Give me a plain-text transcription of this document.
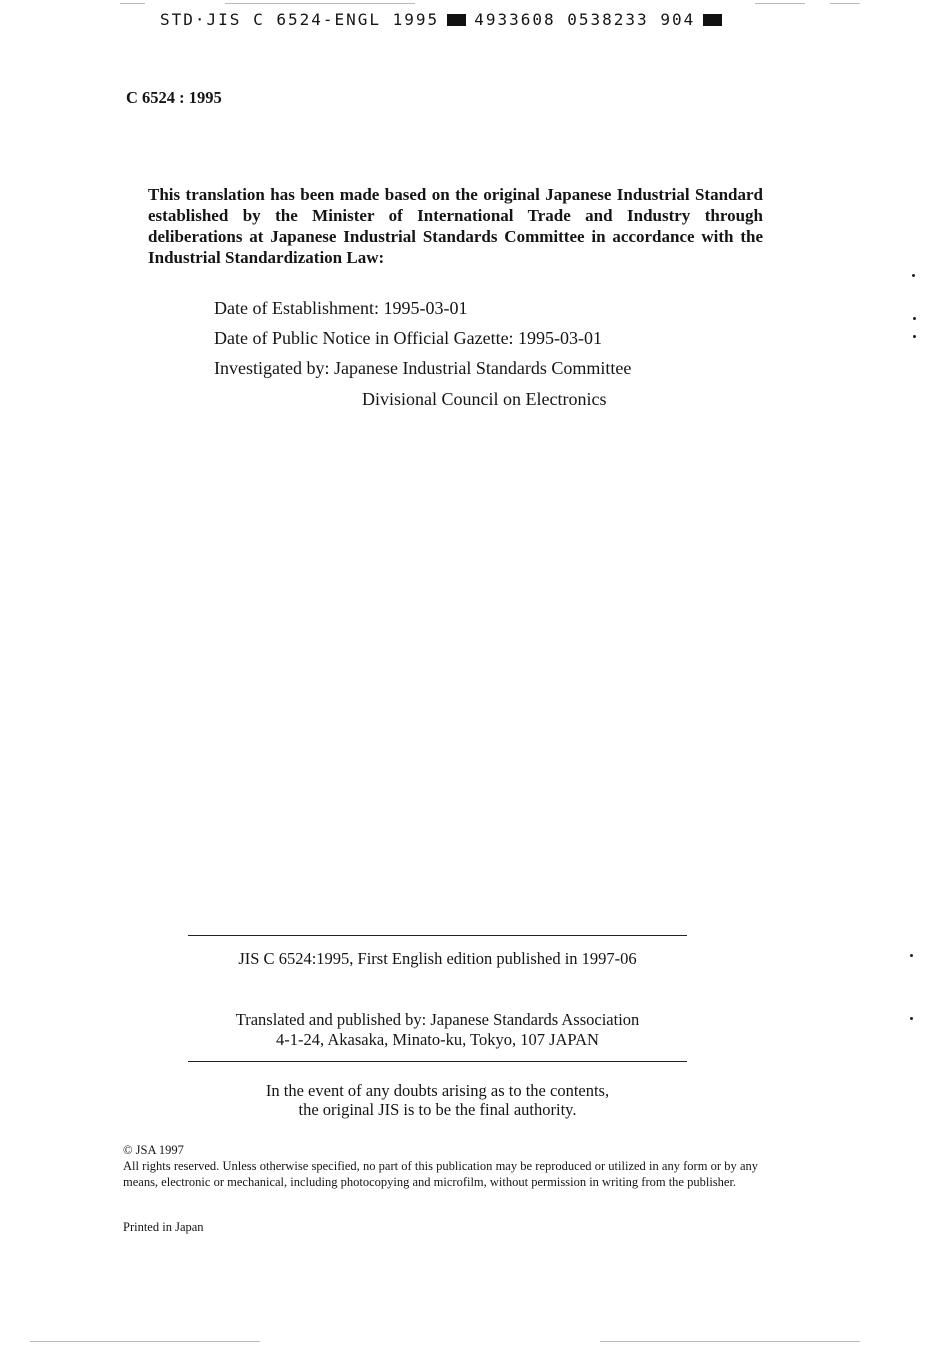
STD·JIS C 6524-ENGL 1995 4933608 0538233 904
C 6524 : 1995
This translation has been made based on the original Japanese Industrial Standard established by the Minister of International Trade and Industry through deliberations at Japanese Industrial Standards Committee in accordance with the Industrial Standardization Law:
Date of Establishment: 1995-03-01
Date of Public Notice in Official Gazette: 1995-03-01
Investigated by: Japanese Industrial Standards Committee
Divisional Council on Electronics
JIS C 6524:1995, First English edition published in 1997-06
Translated and published by: Japanese Standards Association
4-1-24, Akasaka, Minato-ku, Tokyo, 107 JAPAN
In the event of any doubts arising as to the contents,
the original JIS is to be the final authority.
© JSA 1997
All rights reserved. Unless otherwise specified, no part of this publication may be reproduced or utilized in any form or by any means, electronic or mechanical, including photocopying and microfilm, without permission in writing from the publisher.
Printed in Japan
